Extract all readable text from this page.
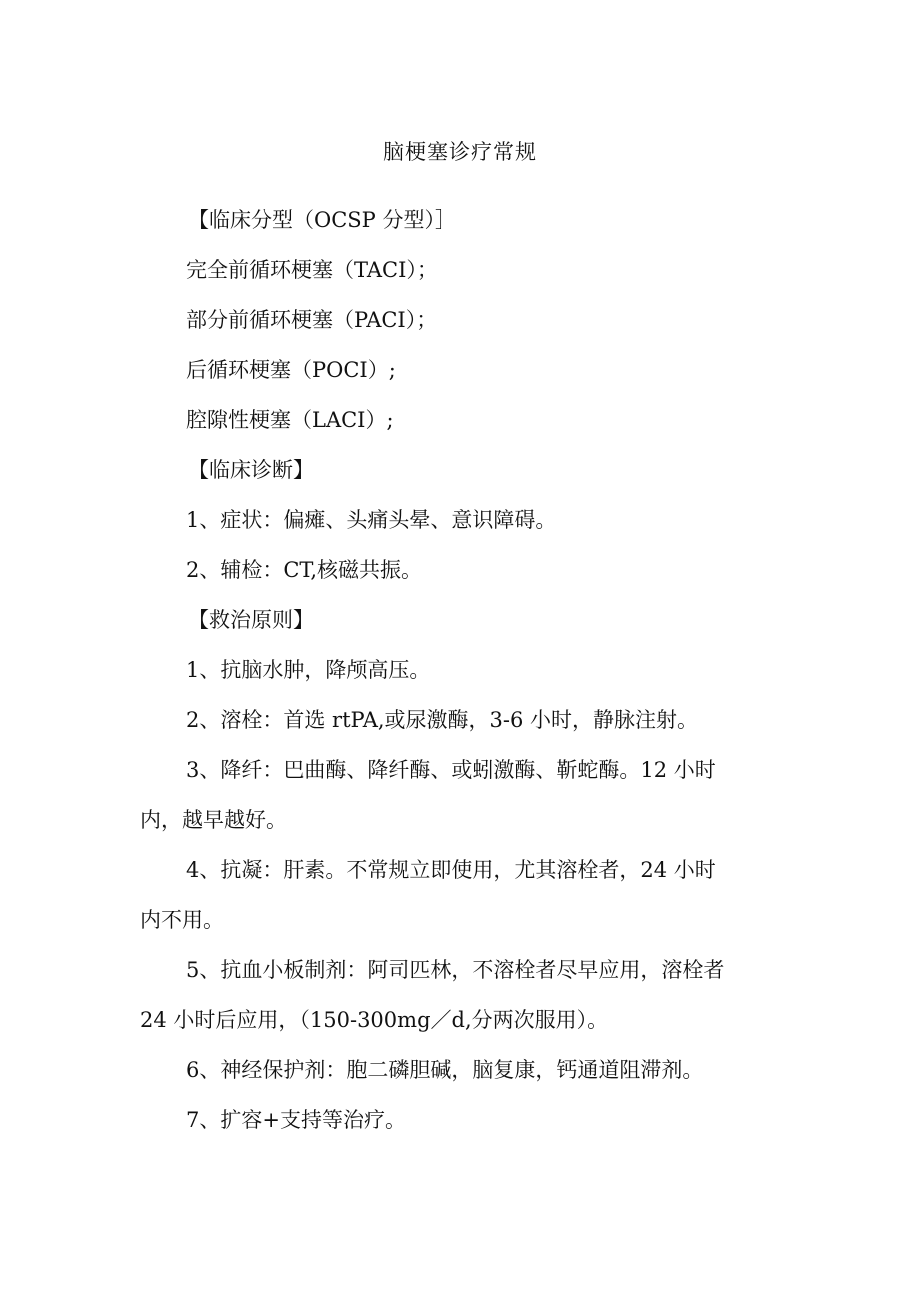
脑梗塞诊疗常规
【临床分型（OCSP 分型）］
完全前循环梗塞（TACI）；
部分前循环梗塞（PACI）；
后循环梗塞（POCI）;
腔隙性梗塞（LACI）;
【临床诊断】
1、症状：偏瘫、头痛头晕、意识障碍。
2、辅检：CT,核磁共振。
【救治原则】
1、抗脑水肿，降颅高压。
2、溶栓：首选 rtPA,或尿激酶，3-6 小时，静脉注射。
3、降纤：巴曲酶、降纤酶、或蚓激酶、靳蛇酶。12 小时
内，越早越好。
4、抗凝：肝素。不常规立即使用，尤其溶栓者，24 小时
内不用。
5、抗血小板制剂：阿司匹林，不溶栓者尽早应用，溶栓者
24 小时后应用，（150-300mg／d,分两次服用）。
6、神经保护剂：胞二磷胆碱，脑复康，钙通道阻滞剂。
7、扩容+支持等治疗。
